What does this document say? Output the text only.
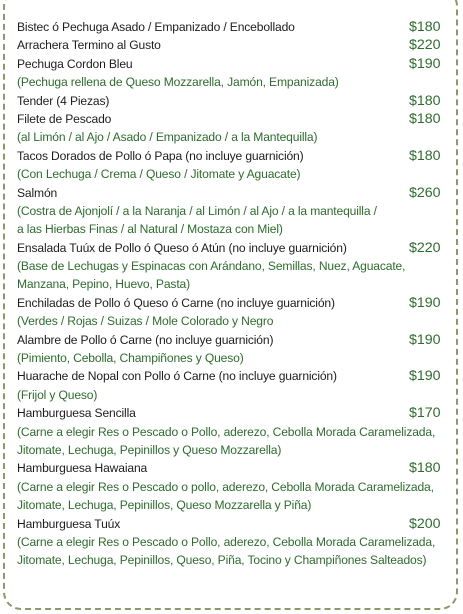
Bistec ó Pechuga Asado / Empanizado / Encebollado	$180
Arrachera Termino al Gusto	$220
Pechuga Cordon Bleu	$190
(Pechuga rellena de Queso Mozzarella, Jamón, Empanizada)
Tender (4 Piezas)	$180
Filete de Pescado	$180
(al Limón / al Ajo / Asado / Empanizado / a la Mantequilla)
Tacos Dorados de Pollo ó Papa (no incluye guarnición)	$180
(Con Lechuga / Crema / Queso / Jitomate y Aguacate)
Salmón	$260
(Costra de Ajonjolí / a la Naranja / al Limón / al Ajo / a la mantequilla /
a las Hierbas Finas / al Natural / Mostaza con Miel)
Ensalada Tuúx de Pollo ó Queso ó Atún (no incluye guarnición)	$220
(Base de Lechugas y Espinacas con Arándano, Semillas, Nuez, Aguacate,
Manzana, Pepino, Huevo, Pasta)
Enchiladas de Pollo ó Queso ó Carne (no incluye guarnición)	$190
(Verdes / Rojas / Suizas / Mole Colorado y Negro
Alambre de Pollo ó Carne (no incluye guarnición)	$190
(Pimiento, Cebolla, Champiñones y Queso)
Huarache de Nopal con Pollo ó Carne (no incluye guarnición)	$190
(Frijol y Queso)
Hamburguesa Sencilla	$170
(Carne a elegir Res o Pescado o Pollo, aderezo, Cebolla Morada Caramelizada,
Jitomate, Lechuga, Pepinillos y Queso Mozzarella)
Hamburguesa Hawaiana	$180
(Carne a elegir Res o Pescado o pollo, aderezo, Cebolla Morada Caramelizada,
Jitomate, Lechuga, Pepinillos, Queso Mozzarella y Piña)
Hamburguesa Tuúx	$200
(Carne a elegir Res o Pescado o Pollo, aderezo, Cebolla Morada Caramelizada,
Jitomate, Lechuga, Pepinillos, Queso, Piña, Tocino y Champiñones Salteados)
